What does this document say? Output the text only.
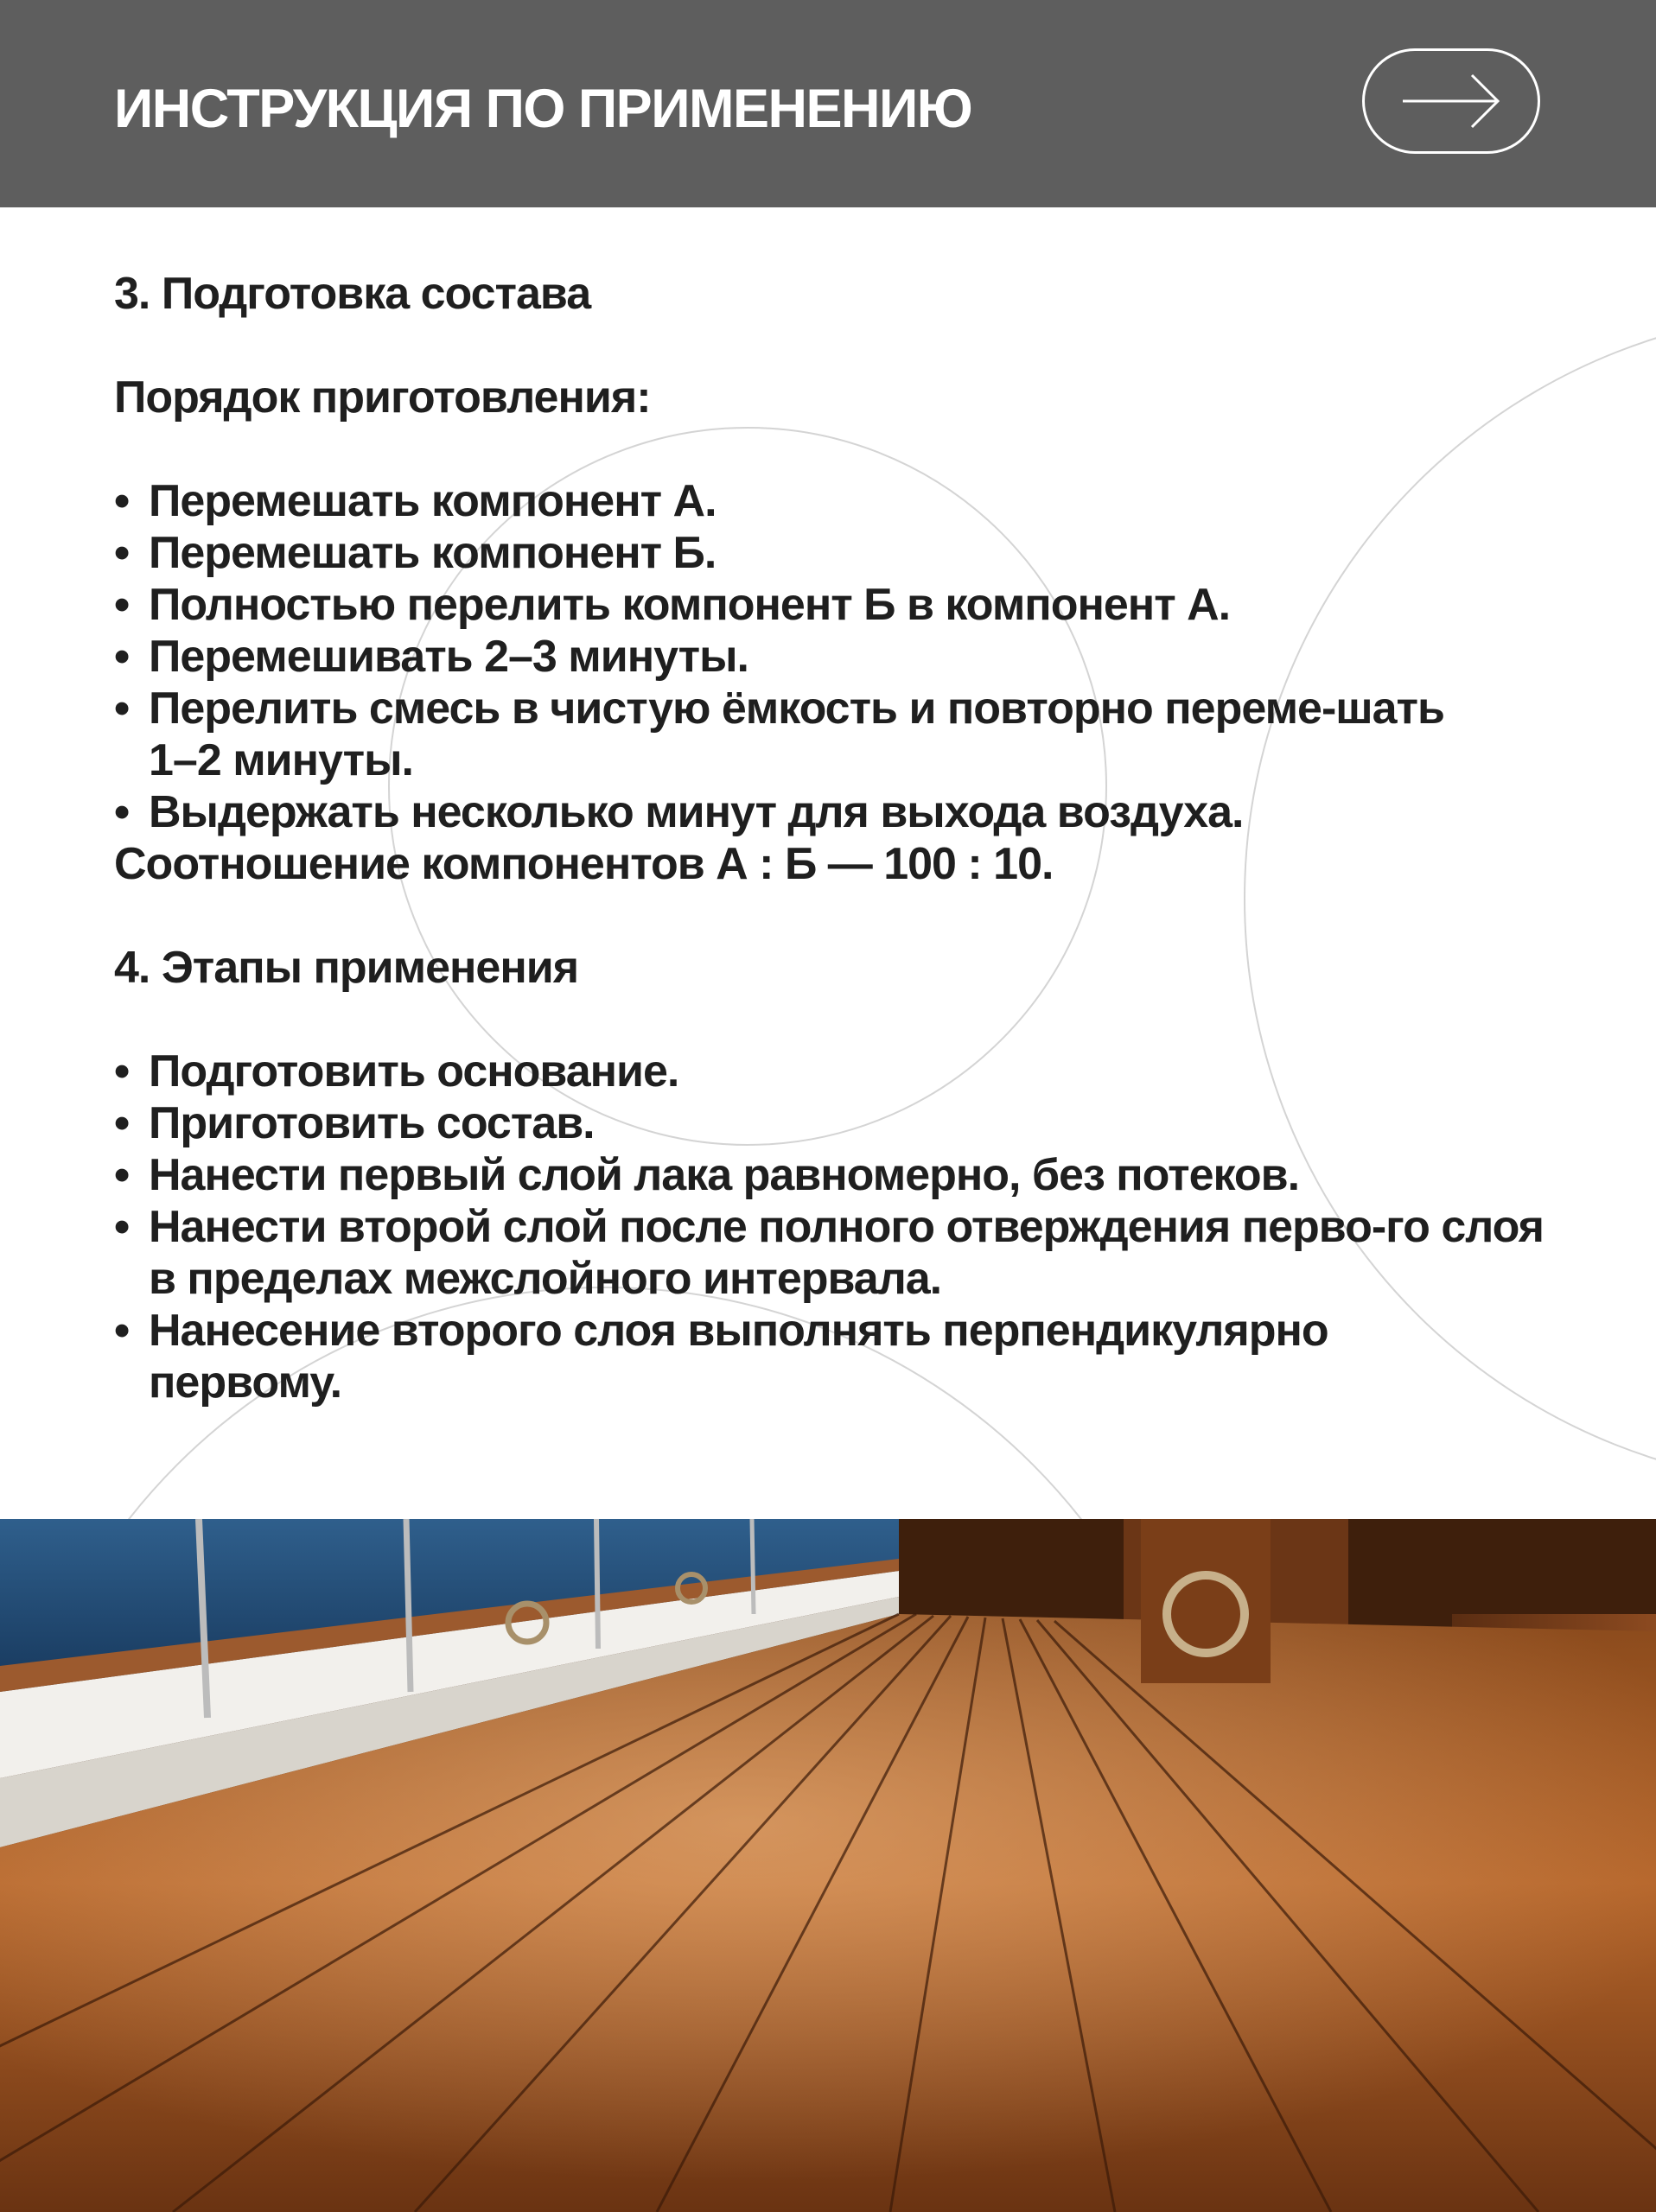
ИНСТРУКЦИЯ ПО ПРИМЕНЕНИЮ

3. Подготовка состава

Порядок приготовления:

• Перемешать компонент А.
• Перемешать компонент Б.
• Полностью перелить компонент Б в компонент А.
• Перемешивать 2–3 минуты.
• Перелить смесь в чистую ёмкость и повторно переме-шать 1–2 минуты.
• Выдержать несколько минут для выхода воздуха.

Соотношение компонентов А : Б — 100 : 10.

4. Этапы применения

• Подготовить основание.
• Приготовить состав.
• Нанести первый слой лака равномерно, без потеков.
• Нанести второй слой после полного отверждения перво-го слоя в пределах межслойного интервала.
• Нанесение второго слоя выполнять перпендикулярно первому.
